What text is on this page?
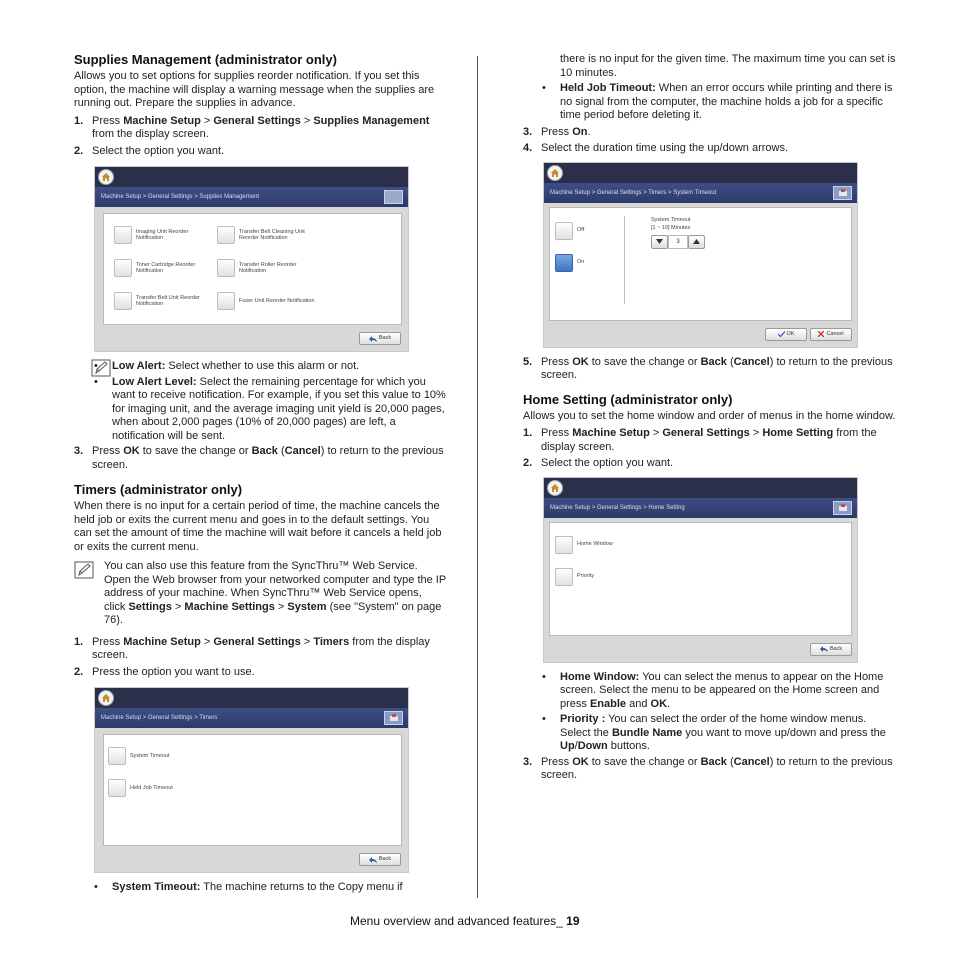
Supplies Management (administrator only)

Allows you to set options for supplies reorder notification. If you set this option, the machine will display a warning message when the supplies are running out. Prepare the supplies in advance.

1. Press Machine Setup > General Settings > Supplies Management from the display screen.
2. Select the option you want.
Machine Setup > General Settings > Supplies Management
Imaging Unit Reorder
Notification
Transfer Belt Cleaning Unit
Reorder Notification
Toner Cartridge Reorder
Notification
Transfer Roller Reorder
Notification
Transfer Belt Unit Reorder
Notification
Fuser Unit Reorder Notification
Back
• Low Alert: Select whether to use this alarm or not.
• Low Alert Level: Select the remaining percentage for which you want to receive notification. For example, if you set this value to 10% for imaging unit, and the average imaging unit yield is 20,000 pages, when about 2,000 pages (10% of 20,000 pages) are left, a notification will be sent.
3. Press OK to save the change or Back (Cancel) to return to the previous screen.
Timers (administrator only)

When there is no input for a certain period of time, the machine cancels the held job or exits the current menu and goes in to the default settings. You can set the amount of time the machine will wait before it cancels a held job or exits the current menu.

You can also use this feature from the SyncThru™ Web Service. Open the Web browser from your networked computer and type the IP address of your machine. When SyncThru™ Web Service opens, click Settings > Machine Settings > System (see "System" on page 76).
1. Press Machine Setup > General Settings > Timers from the display screen.
2. Press the option you want to use.
Machine Setup > General Settings > Timers
System Timeout
Held Job Timeout
Back
• System Timeout: The machine returns to the Copy menu if
there is no input for the given time. The maximum time you can set is 10 minutes.
• Held Job Timeout: When an error occurs while printing and there is no signal from the computer, the machine holds a job for a specific time period before deleting it.
3. Press On.
4. Select the duration time using the up/down arrows.
Machine Setup > General Settings > Timers > System Timeout
Off
On
System Timeout
[1 ~ 10] Minutes
3
OK	Cancel
5. Press OK to save the change or Back (Cancel) to return to the previous screen.
Home Setting (administrator only)

Allows you to set the home window and order of menus in the home window.

1. Press Machine Setup > General Settings > Home Setting from the display screen.
2. Select the option you want.
Machine Setup > General Settings > Home Setting
Home Window
Priority
Back
• Home Window: You can select the menus to appear on the Home screen. Select the menu to be appeared on the Home screen and press Enable and OK.
• Priority : You can select the order of the home window menus. Select the Bundle Name you want to move up/down and press the Up/Down buttons.
3. Press OK to save the change or Back (Cancel) to return to the previous screen.
Menu overview and advanced features_ 19
